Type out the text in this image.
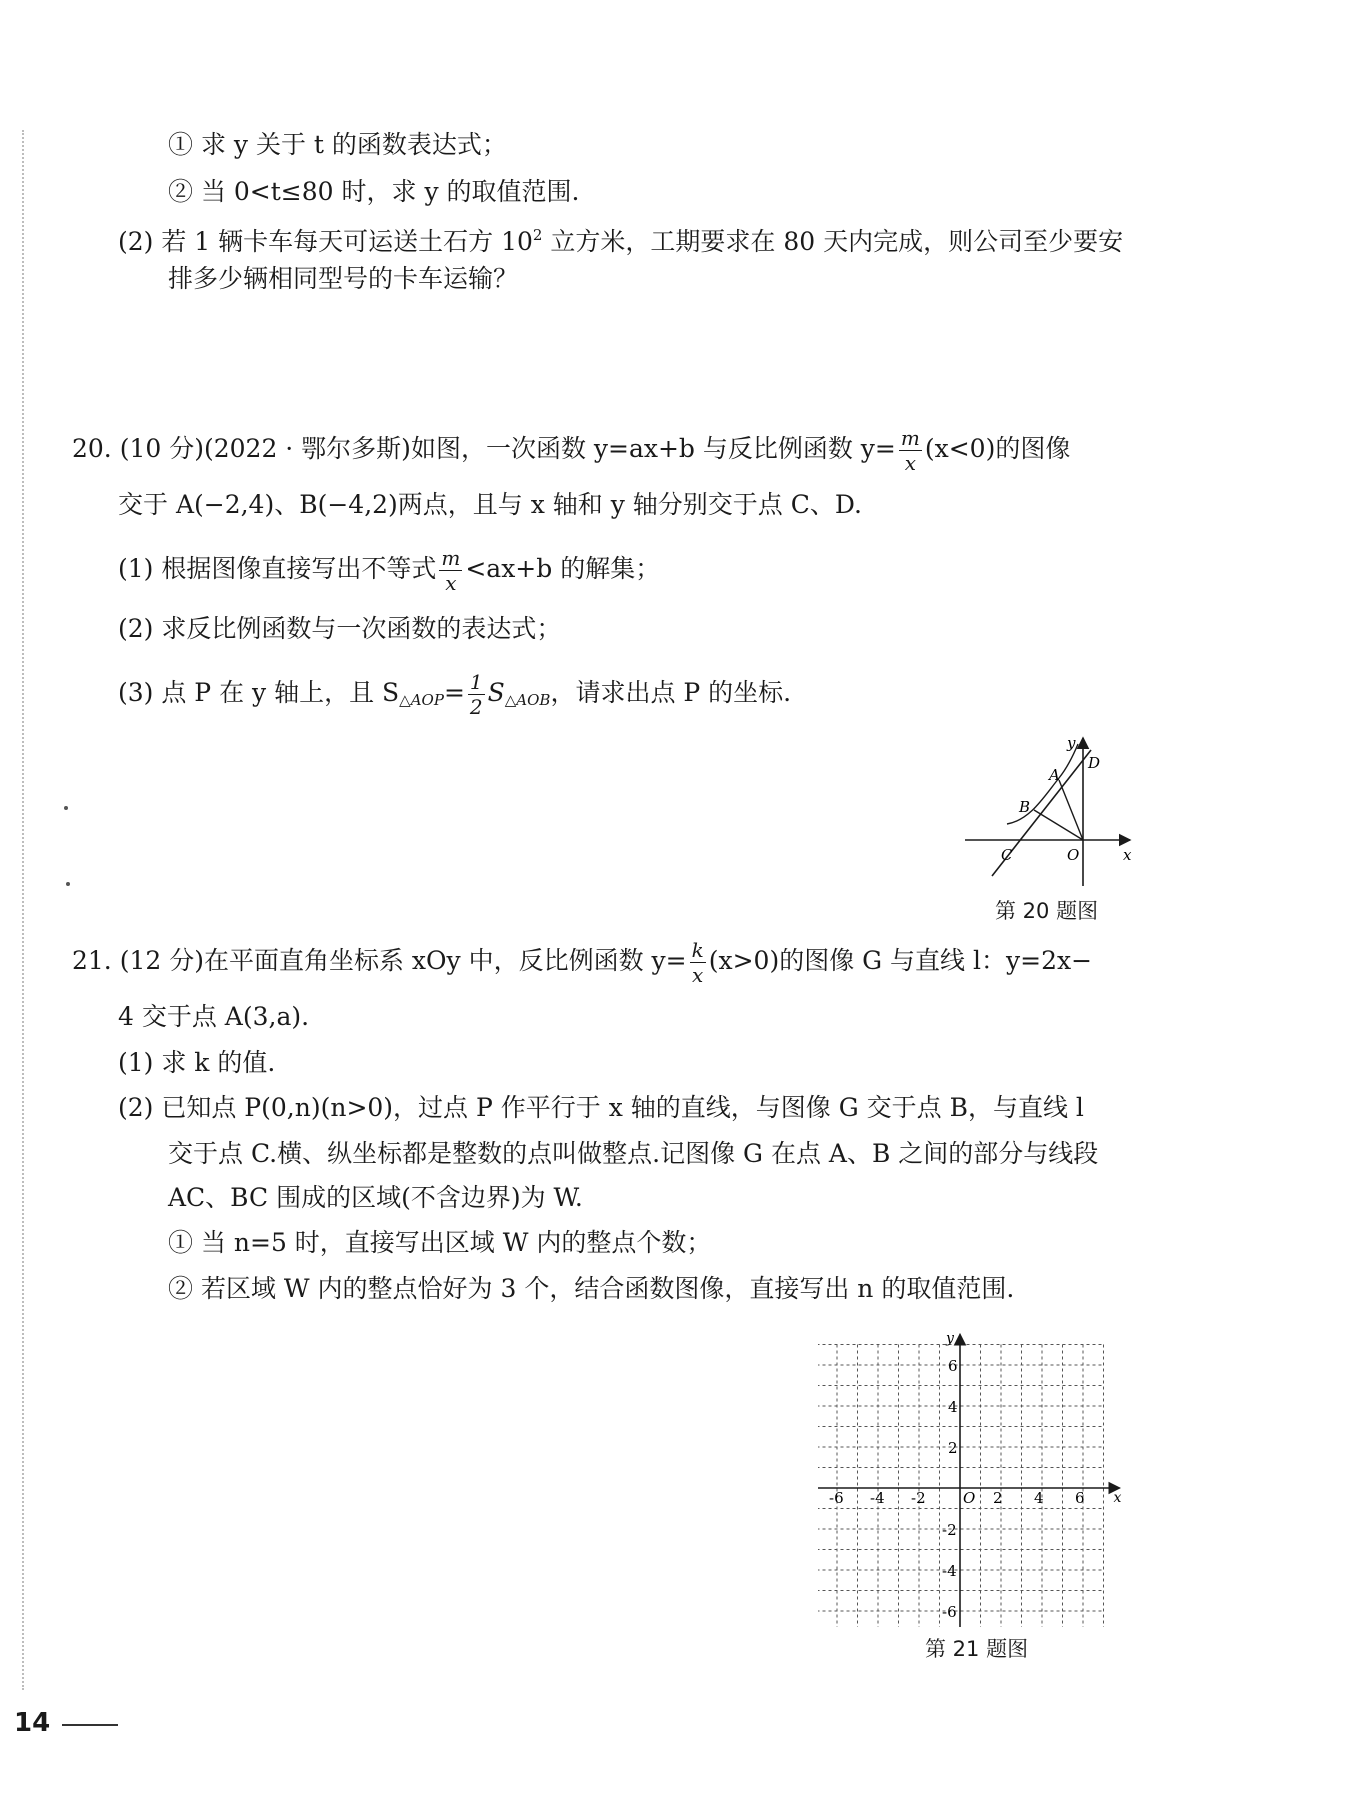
① 求 y 关于 t 的函数表达式；
② 当 0<t≤80 时，求 y 的取值范围.
(2) 若 1 辆卡车每天可运送土石方 $10^2$ 立方米，工期要求在 80 天内完成，则公司至少要安
排多少辆相同型号的卡车运输？
20. (10 分)(2022 · 鄂尔多斯)如图，一次函数 y=ax+b 与反比例函数 $y= \frac{m}{x} (x<0)$的图像
交于 A(−2,4)、B(−4,2)两点，且与 x 轴和 y 轴分别交于点 C、D.
(1) 根据图像直接写出不等式 $\frac{m}{x} <ax+b$ 的解集；
(2) 求反比例函数与一次函数的表达式；
(3) 点 P 在 y 轴上，且 $S_{\triangle AOP}= \frac{1}{2} S_{\triangle AOB}$，请求出点 P 的坐标.
y
x
A
B
C
D
O
第 20 题图
21. (12 分)在平面直角坐标系 xOy 中，反比例函数 $y= \frac{k}{x} (x>0)$的图像 G 与直线 l：y=2x−
4 交于点 A(3,a).
(1) 求 k 的值.
(2) 已知点 P(0,n)(n>0)，过点 P 作平行于 x 轴的直线，与图像 G 交于点 B，与直线 l
交于点 C.横、纵坐标都是整数的点叫做整点.记图像 G 在点 A、B 之间的部分与线段
AC、BC 围成的区域(不含边界)为 W.
① 当 n=5 时，直接写出区域 W 内的整点个数；
② 若区域 W 内的整点恰好为 3 个，结合函数图像，直接写出 n 的取值范围.
-6 -4 -2	2 4 6
6
4
2
-2
-4
-6
O	x
y
第 21 题图
14
